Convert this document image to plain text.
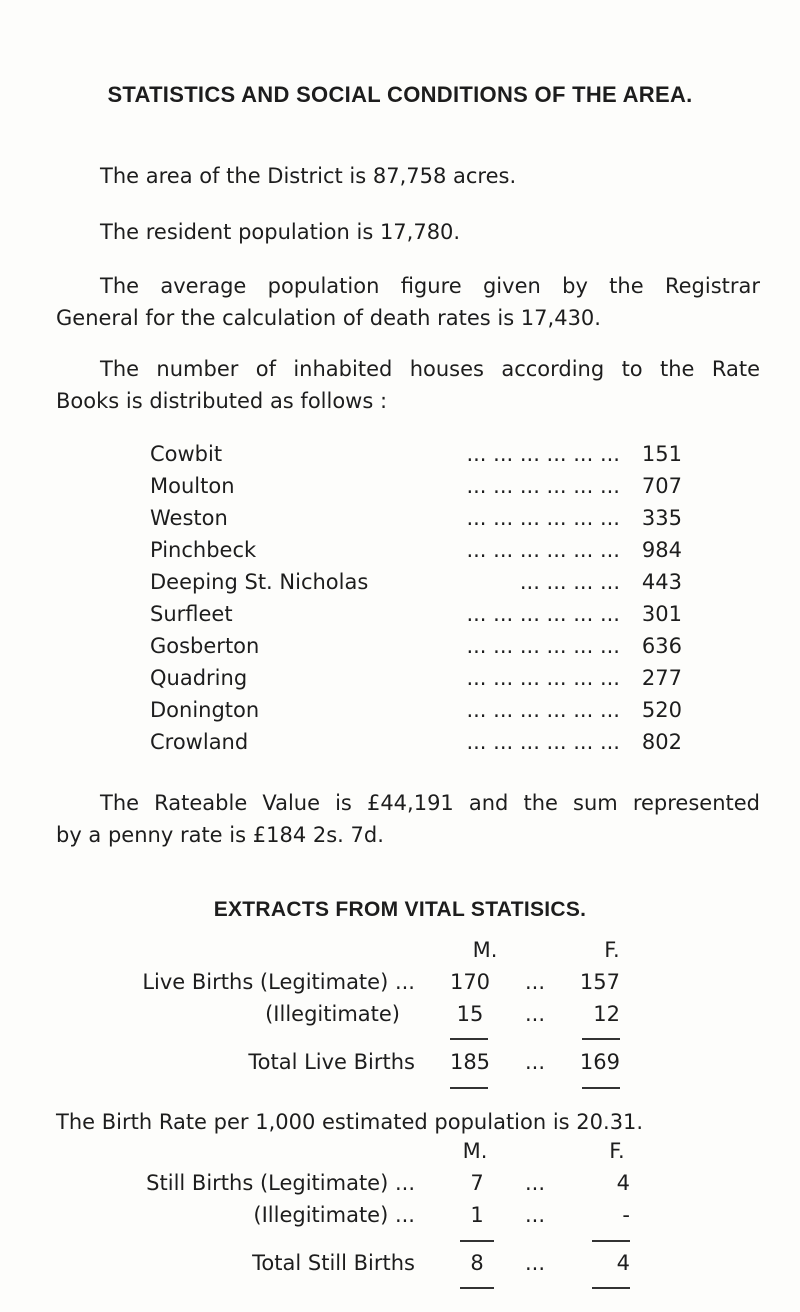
STATISTICS AND SOCIAL CONDITIONS OF THE AREA.
The area of the District is 87,758 acres.
The resident population is 17,780.
The average population figure given by the Registrar
General for the calculation of death rates is 17,430.
The number of inhabited houses according to the Rate
Books is distributed as follows :
Cowbit	... ... ... ... ... ...	151
Moulton	... ... ... ... ... ...	707
Weston	... ... ... ... ... ...	335
Pinchbeck	... ... ... ... ... ...	984
Deeping St. Nicholas	... ... ... ...	443
Surfleet	... ... ... ... ... ...	301
Gosberton	... ... ... ... ... ...	636
Quadring	... ... ... ... ... ...	277
Donington	... ... ... ... ... ...	520
Crowland	... ... ... ... ... ...	802
The Rateable Value is £44,191 and the sum represented
by a penny rate is £184 2s. 7d.
EXTRACTS FROM VITAL STATISICS.
M.	F.
Live Births (Legitimate) ...	170	...	157
(Illegitimate)	15	...	12
Total Live Births	185	...	169
The Birth Rate per 1,000 estimated population is 20.31.
M.	F.
Still Births (Legitimate) ...	7	...	4
(Illegitimate) ...	1	...	-
Total Still Births	8	...	4
